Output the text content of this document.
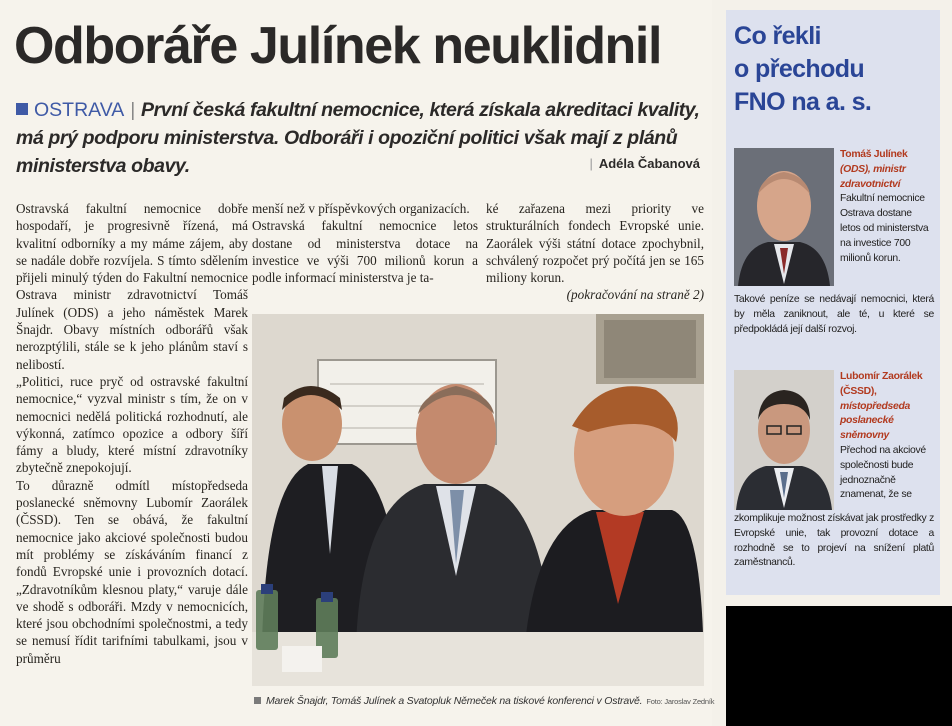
Odboráře Julínek neuklidnil

OSTRAVA | První česká fakultní nemocnice, která získala akreditaci kvality, má prý podporu ministerstva. Odboráři i opoziční politici však mají z plánů ministerstva obavy.	| Adéla Čabanová

Ostravská fakultní nemocnice dobře hospodaří, je progresivně řízená, má kvalitní odborníky a my máme zájem, aby se nadále dobře rozvíjela. S tímto sdělením přijeli minulý týden do Fakultní nemocnice Ostrava ministr zdravotnictví Tomáš Julínek (ODS) a jeho náměstek Marek Šnajdr. Obavy místních odborářů však nerozptýlili, stále se k jeho plánům staví s nelibostí.

„Politici, ruce pryč od ostravské fakultní nemocnice,“ vyzval ministr s tím, že on v nemocnici nedělá politická rozhodnutí, ale výkonná, zatímco opozice a odbory šíří fámy a bludy, které místní zdravotníky zbytečně znepokojují.

To důrazně odmítl místopředseda poslanecké sněmovny Lubomír Zaorálek (ČSSD). Ten se obává, že fakultní nemocnice jako akciové společnosti budou mít problémy se získáváním financí z fondů Evropské unie i provozních dotací. „Zdravotníkům klesnou platy,“ varuje dále ve shodě s odboráři. Mzdy v nemocnicích, které jsou obchodními společnostmi, a tedy se nemusí řídit tarifními tabulkami, jsou v průměru

menší než v příspěvkových organizacích.

Ostravská fakultní nemocnice letos dostane od ministerstva dotace na investice ve výši 700 milionů korun a podle informací ministerstva je ta-

ké zařazena mezi priority ve strukturálních fondech Evropské unie. Zaorálek výši státní dotace zpochybnil, schválený rozpočet prý počítá jen se 165 miliony korun.

(pokračování na straně 2)

Marek Šnajdr, Tomáš Julínek a Svatopluk Němeček na tiskové konferenci v Ostravě. Foto: Jaroslav Zedník

Co řekli
o přechodu
FNO na a. s.

Tomáš Julínek
(ODS), ministr zdravotnictví
Fakultní nemocnice Ostrava dostane letos od ministerstva na investice 700 milionů korun.

Takové peníze se nedávají nemocnici, která by měla zaniknout, ale té, u které se předpokládá její další rozvoj.

Lubomír Zaorálek (ČSSD),
místopředseda poslanecké sněmovny
Přechod na akciové společnosti bude jednoznačně znamenat, že se

zkomplikuje možnost získávat jak prostředky z Evropské unie, tak provozní dotace a rozhodně se to projeví na snížení platů zaměstnanců.
